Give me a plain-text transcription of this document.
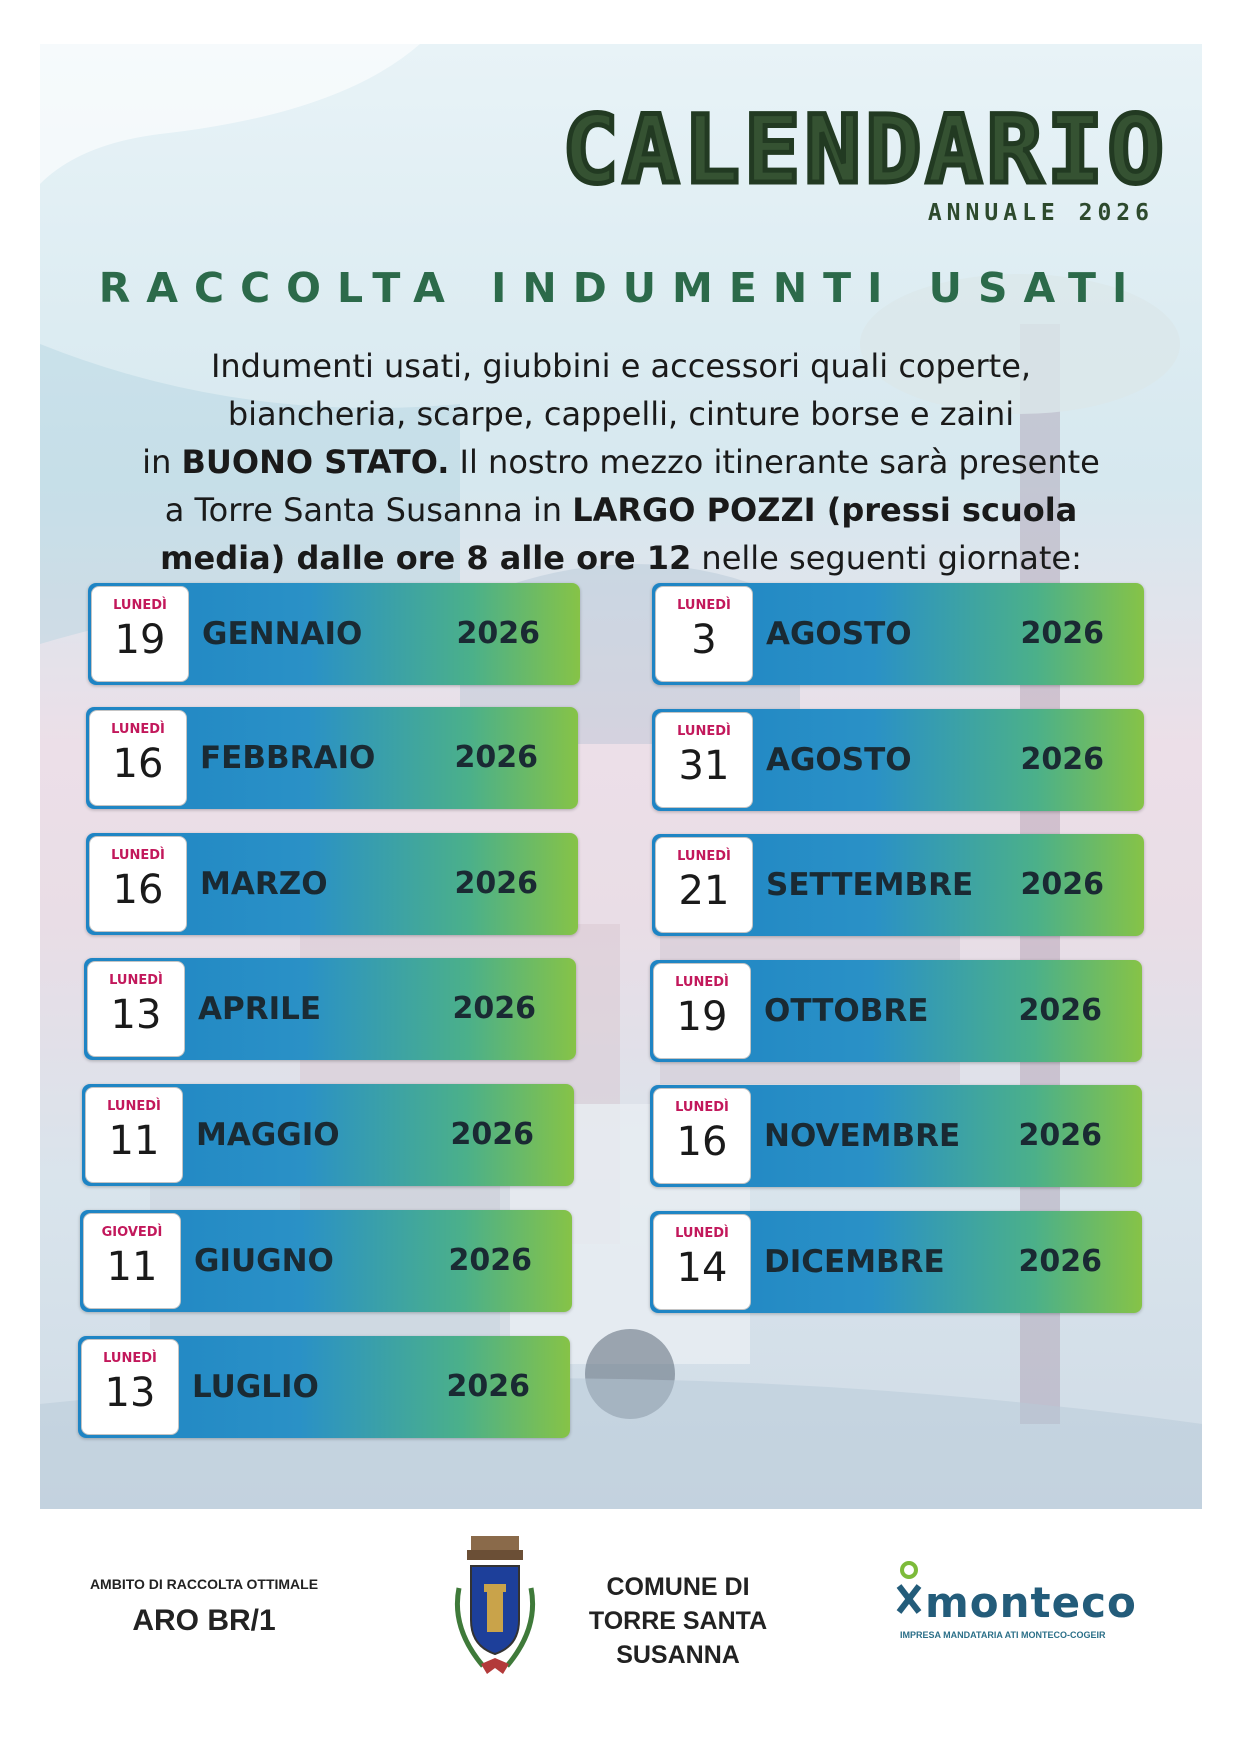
CALENDARIO
ANNUALE 2026
RACCOLTA INDUMENTI USATI
Indumenti usati, giubbini e accessori quali coperte,
biancheria, scarpe, cappelli, cinture borse e zaini
in BUONO STATO. Il nostro mezzo itinerante sarà presente
a Torre Santa Susanna in LARGO POZZI (pressi scuola
media) dalle ore 8 alle ore 12 nelle seguenti giornate:
LUNEDÌ
19	GENNAIO	2026
LUNEDÌ
16	FEBBRAIO	2026
LUNEDÌ
16	MARZO	2026
LUNEDÌ
13	APRILE	2026
LUNEDÌ
11	MAGGIO	2026
GIOVEDÌ
11	GIUGNO	2026
LUNEDÌ
13	LUGLIO	2026
LUNEDÌ
3	AGOSTO	2026
LUNEDÌ
31	AGOSTO	2026
LUNEDÌ
21	SETTEMBRE 2026
LUNEDÌ
19	OTTOBRE	2026
LUNEDÌ
16	NOVEMBRE 2026
LUNEDÌ
14	DICEMBRE 2026
AMBITO DI RACCOLTA OTTIMALE
ARO BR/1
COMUNE DI
TORRE SANTA
SUSANNA
monteco
IMPRESA MANDATARIA ATI MONTECO-COGEIR
